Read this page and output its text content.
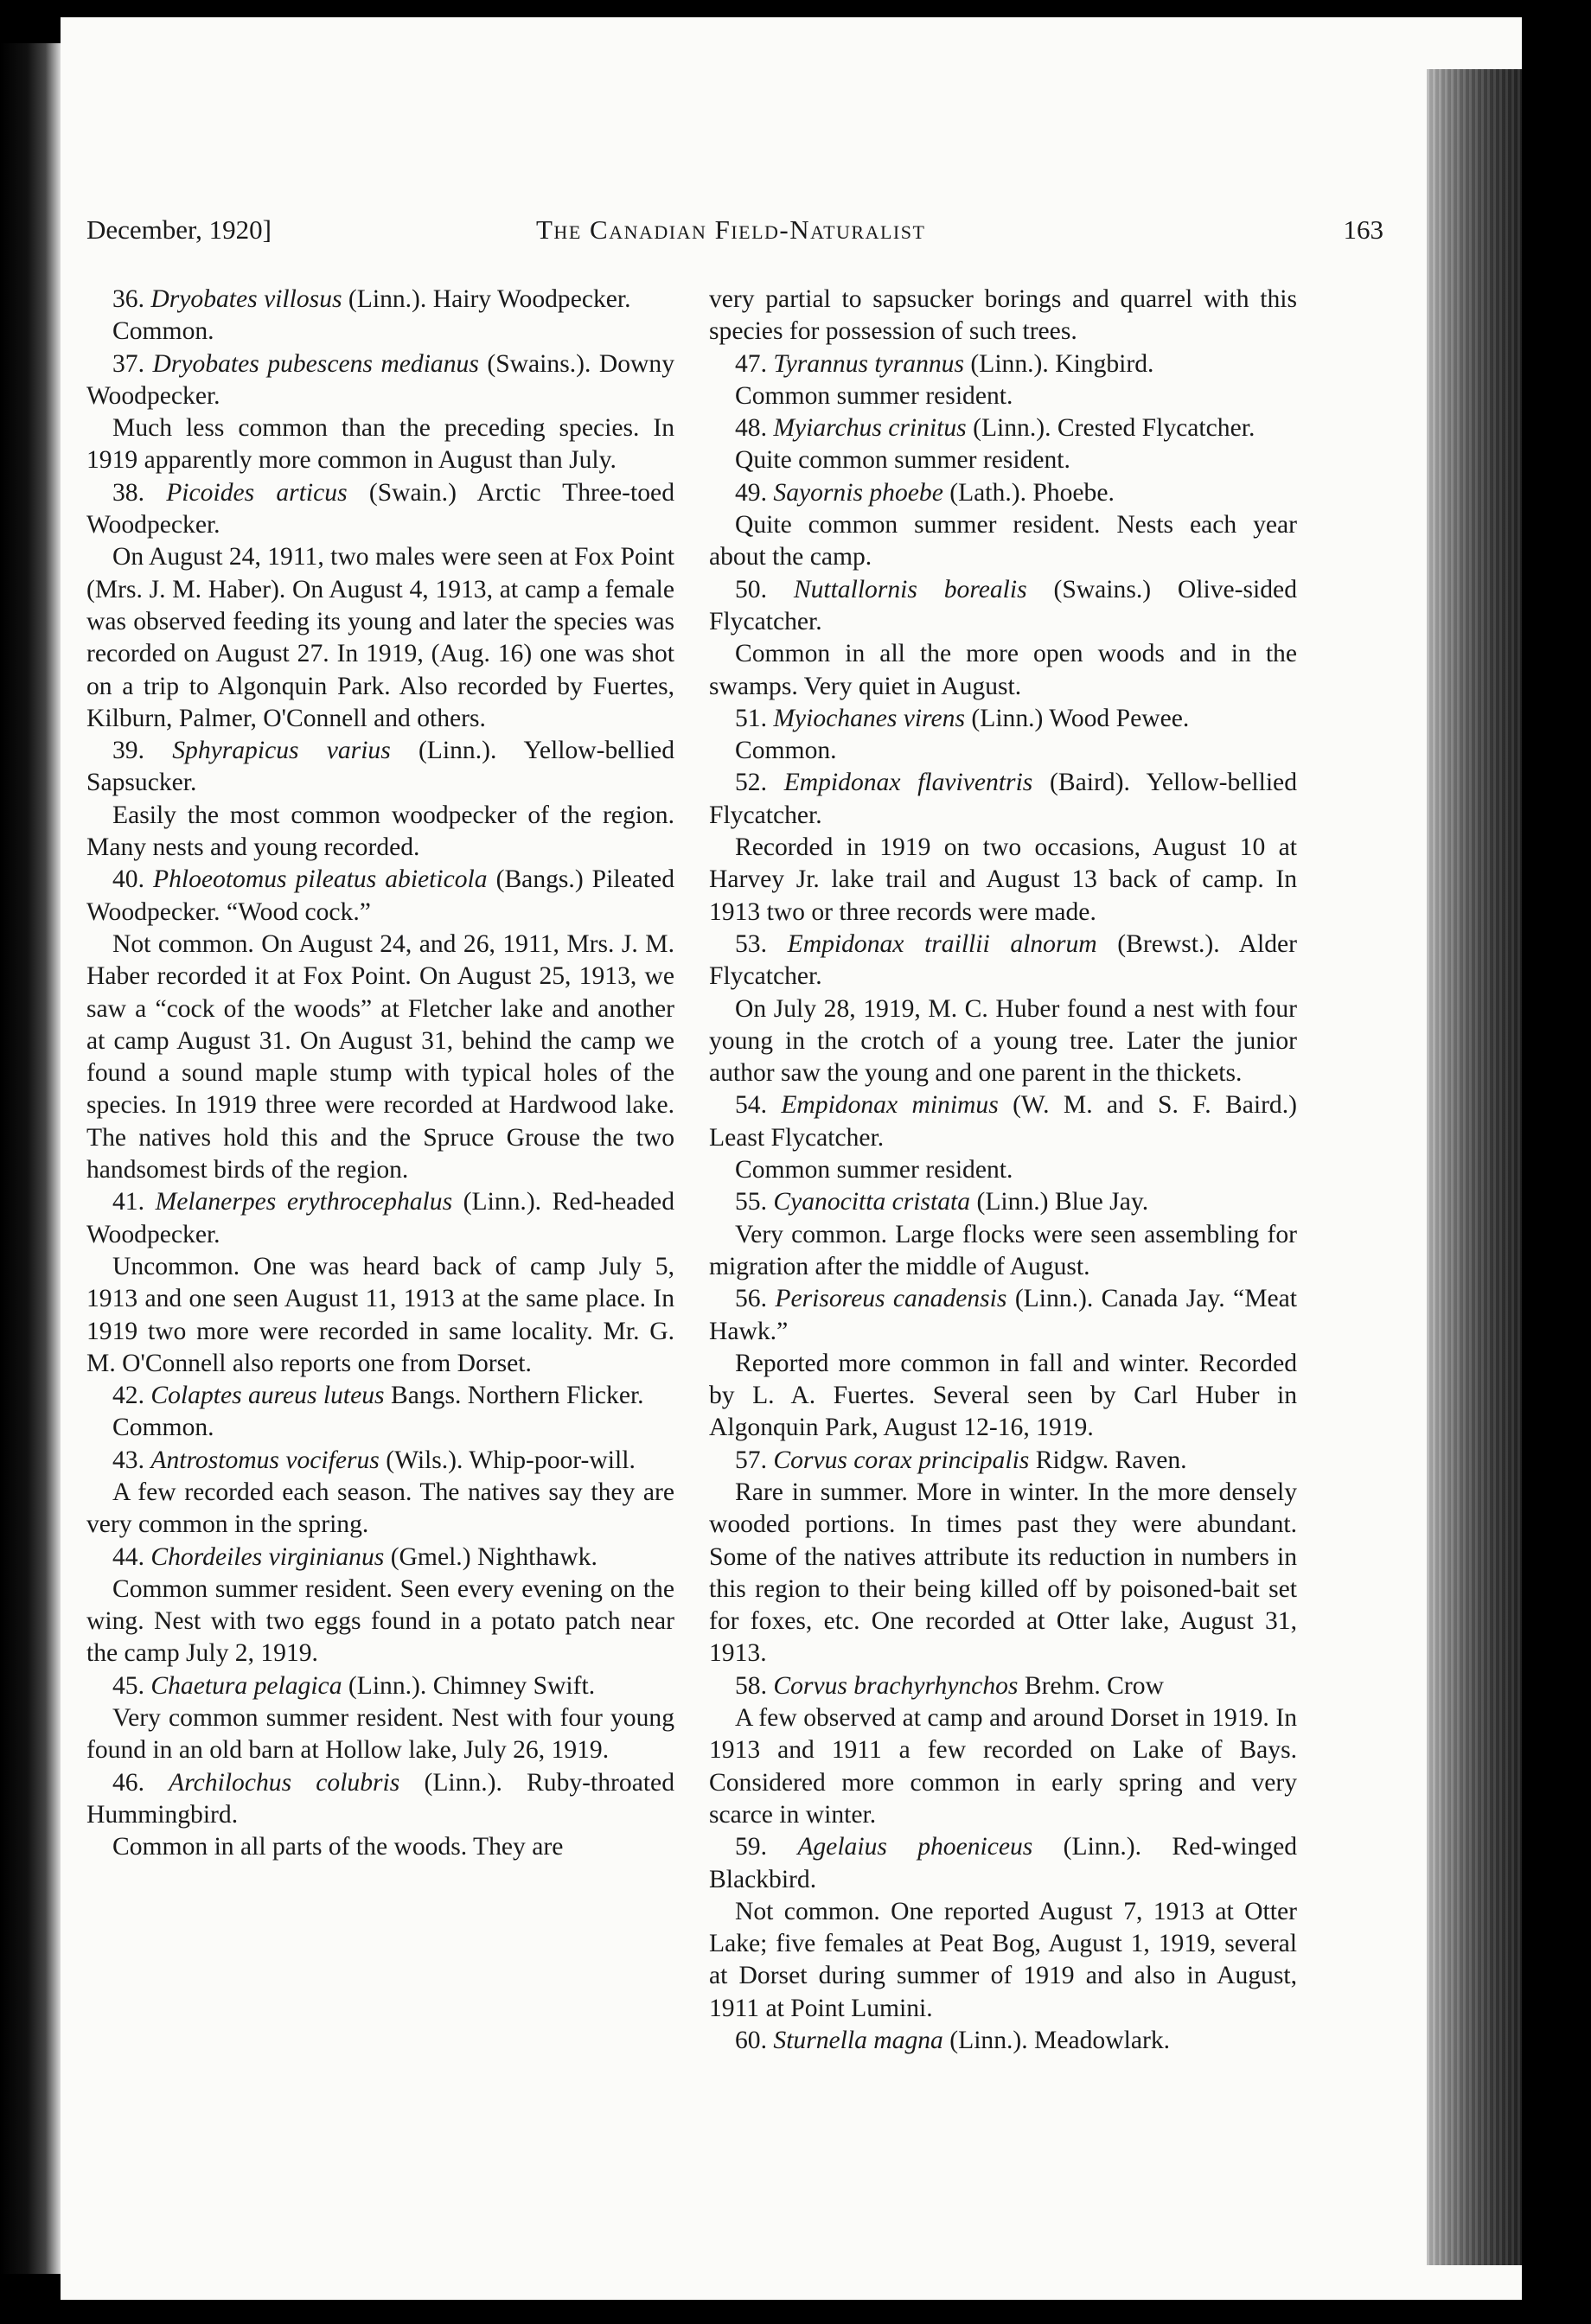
December, 1920]	The Canadian Field-Naturalist	163

36. Dryobates villosus (Linn.). Hairy Woodpecker.

Common.

37. Dryobates pubescens medianus (Swains.). Downy Woodpecker.

Much less common than the preceding species. In 1919 apparently more common in August than July.

38. Picoides articus (Swain.) Arctic Three-toed Woodpecker.

On August 24, 1911, two males were seen at Fox Point (Mrs. J. M. Haber). On August 4, 1913, at camp a female was observed feeding its young and later the species was recorded on August 27. In 1919, (Aug. 16) one was shot on a trip to Algonquin Park. Also recorded by Fuertes, Kilburn, Palmer, O'Connell and others.

39. Sphyrapicus varius (Linn.). Yellow-bellied Sapsucker.

Easily the most common woodpecker of the region. Many nests and young recorded.

40. Phloeotomus pileatus abieticola (Bangs.) Pileated Woodpecker. “Wood cock.”

Not common. On August 24, and 26, 1911, Mrs. J. M. Haber recorded it at Fox Point. On August 25, 1913, we saw a “cock of the woods” at Fletcher lake and another at camp August 31. On August 31, behind the camp we found a sound maple stump with typical holes of the species. In 1919 three were recorded at Hardwood lake. The natives hold this and the Spruce Grouse the two handsomest birds of the region.

41. Melanerpes erythrocephalus (Linn.). Red-headed Woodpecker.

Uncommon. One was heard back of camp July 5, 1913 and one seen August 11, 1913 at the same place. In 1919 two more were recorded in same locality. Mr. G. M. O'Connell also reports one from Dorset.

42. Colaptes aureus luteus Bangs. Northern Flicker.

Common.

43. Antrostomus vociferus (Wils.). Whip-poor-will.

A few recorded each season. The natives say they are very common in the spring.

44. Chordeiles virginianus (Gmel.) Nighthawk.

Common summer resident. Seen every evening on the wing. Nest with two eggs found in a potato patch near the camp July 2, 1919.

45. Chaetura pelagica (Linn.). Chimney Swift.

Very common summer resident. Nest with four young found in an old barn at Hollow lake, July 26, 1919.

46. Archilochus colubris (Linn.). Ruby-throated Hummingbird.

Common in all parts of the woods. They are

very partial to sapsucker borings and quarrel with this species for possession of such trees.

47. Tyrannus tyrannus (Linn.). Kingbird.

Common summer resident.

48. Myiarchus crinitus (Linn.). Crested Flycatcher.

Quite common summer resident.

49. Sayornis phoebe (Lath.). Phoebe.

Quite common summer resident. Nests each year about the camp.

50. Nuttallornis borealis (Swains.) Olive-sided Flycatcher.

Common in all the more open woods and in the swamps. Very quiet in August.

51. Myiochanes virens (Linn.) Wood Pewee.

Common.

52. Empidonax flaviventris (Baird). Yellow-bellied Flycatcher.

Recorded in 1919 on two occasions, August 10 at Harvey Jr. lake trail and August 13 back of camp. In 1913 two or three records were made.

53. Empidonax traillii alnorum (Brewst.). Alder Flycatcher.

On July 28, 1919, M. C. Huber found a nest with four young in the crotch of a young tree. Later the junior author saw the young and one parent in the thickets.

54. Empidonax minimus (W. M. and S. F. Baird.) Least Flycatcher.

Common summer resident.

55. Cyanocitta cristata (Linn.) Blue Jay.

Very common. Large flocks were seen assembling for migration after the middle of August.

56. Perisoreus canadensis (Linn.). Canada Jay. “Meat Hawk.”

Reported more common in fall and winter. Recorded by L. A. Fuertes. Several seen by Carl Huber in Algonquin Park, August 12-16, 1919.

57. Corvus corax principalis Ridgw. Raven.

Rare in summer. More in winter. In the more densely wooded portions. In times past they were abundant. Some of the natives attribute its reduction in numbers in this region to their being killed off by poisoned-bait set for foxes, etc. One recorded at Otter lake, August 31, 1913.

58. Corvus brachyrhynchos Brehm. Crow

A few observed at camp and around Dorset in 1919. In 1913 and 1911 a few recorded on Lake of Bays. Considered more common in early spring and very scarce in winter.

59. Agelaius phoeniceus (Linn.). Red-winged Blackbird.

Not common. One reported August 7, 1913 at Otter Lake; five females at Peat Bog, August 1, 1919, several at Dorset during summer of 1919 and also in August, 1911 at Point Lumini.

60. Sturnella magna (Linn.). Meadowlark.
